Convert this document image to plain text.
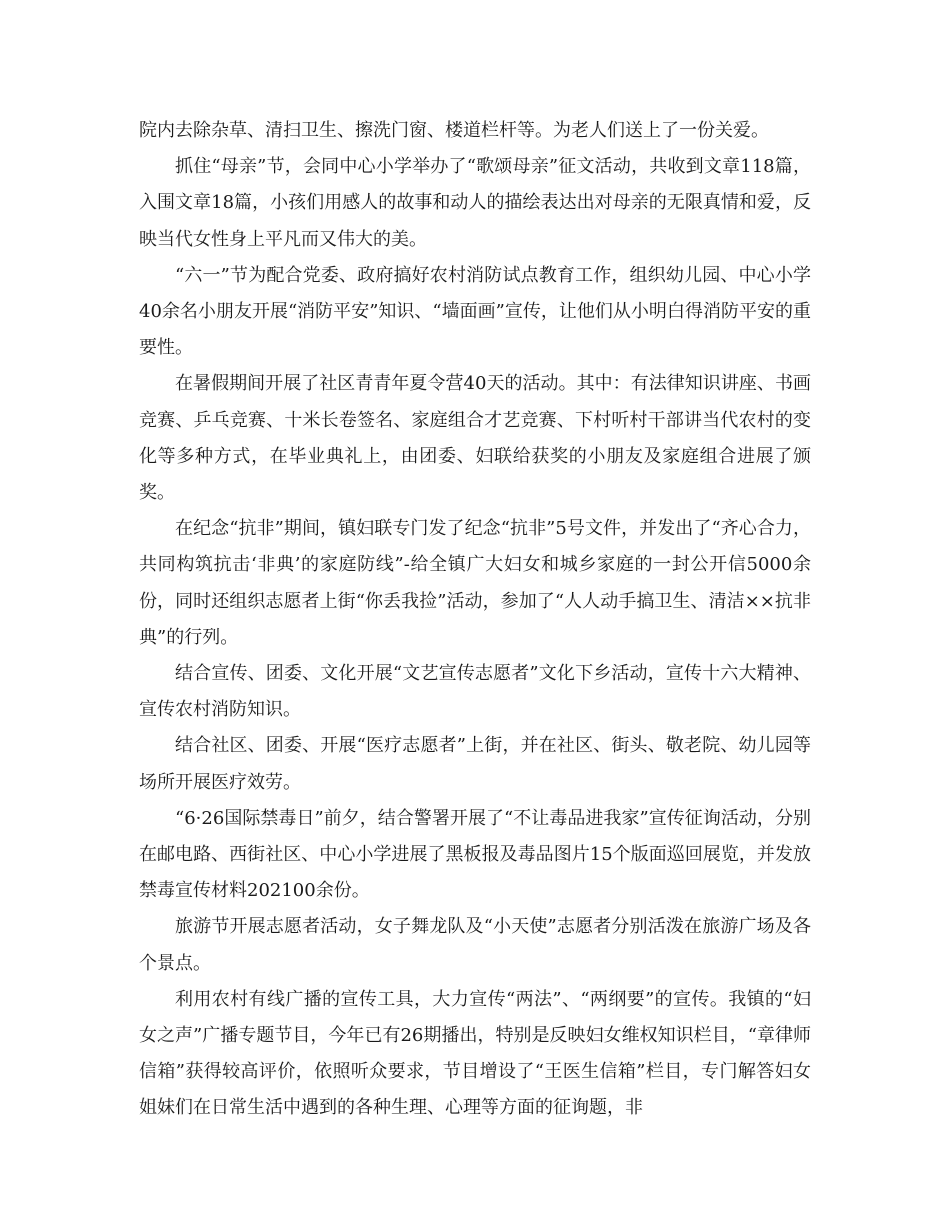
院内去除杂草、清扫卫生、擦洗门窗、楼道栏杆等。为老人们送上了一份关爱。

抓住“母亲”节，会同中心小学举办了“歌颂母亲”征文活动，共收到文章118篇，入围文章18篇，小孩们用感人的故事和动人的描绘表达出对母亲的无限真情和爱，反映当代女性身上平凡而又伟大的美。

“六一”节为配合党委、政府搞好农村消防试点教育工作，组织幼儿园、中心小学40余名小朋友开展“消防平安”知识、“墙面画”宣传，让他们从小明白得消防平安的重要性。

在暑假期间开展了社区青青年夏令营40天的活动。其中：有法律知识讲座、书画竞赛、乒乓竞赛、十米长卷签名、家庭组合才艺竞赛、下村听村干部讲当代农村的变化等多种方式，在毕业典礼上，由团委、妇联给获奖的小朋友及家庭组合进展了颁奖。

在纪念“抗非”期间，镇妇联专门发了纪念“抗非”5号文件，并发出了“齐心合力，共同构筑抗击‘非典’的家庭防线”-给全镇广大妇女和城乡家庭的一封公开信5000余份，同时还组织志愿者上街“你丢我捡”活动，参加了“人人动手搞卫生、清洁××抗非典”的行列。

结合宣传、团委、文化开展“文艺宣传志愿者”文化下乡活动，宣传十六大精神、宣传农村消防知识。

结合社区、团委、开展“医疗志愿者”上街，并在社区、街头、敬老院、幼儿园等场所开展医疗效劳。

“6·26国际禁毒日”前夕，结合警署开展了“不让毒品进我家”宣传征询活动，分别在邮电路、西街社区、中心小学进展了黑板报及毒品图片15个版面巡回展览，并发放禁毒宣传材料202100余份。

旅游节开展志愿者活动，女子舞龙队及“小天使”志愿者分别活泼在旅游广场及各个景点。

利用农村有线广播的宣传工具，大力宣传“两法”、“两纲要”的宣传。我镇的“妇女之声”广播专题节目，今年已有26期播出，特别是反映妇女维权知识栏目，“章律师信箱”获得较高评价，依照听众要求，节目增设了“王医生信箱”栏目，专门解答妇女姐妹们在日常生活中遇到的各种生理、心理等方面的征询题，非
